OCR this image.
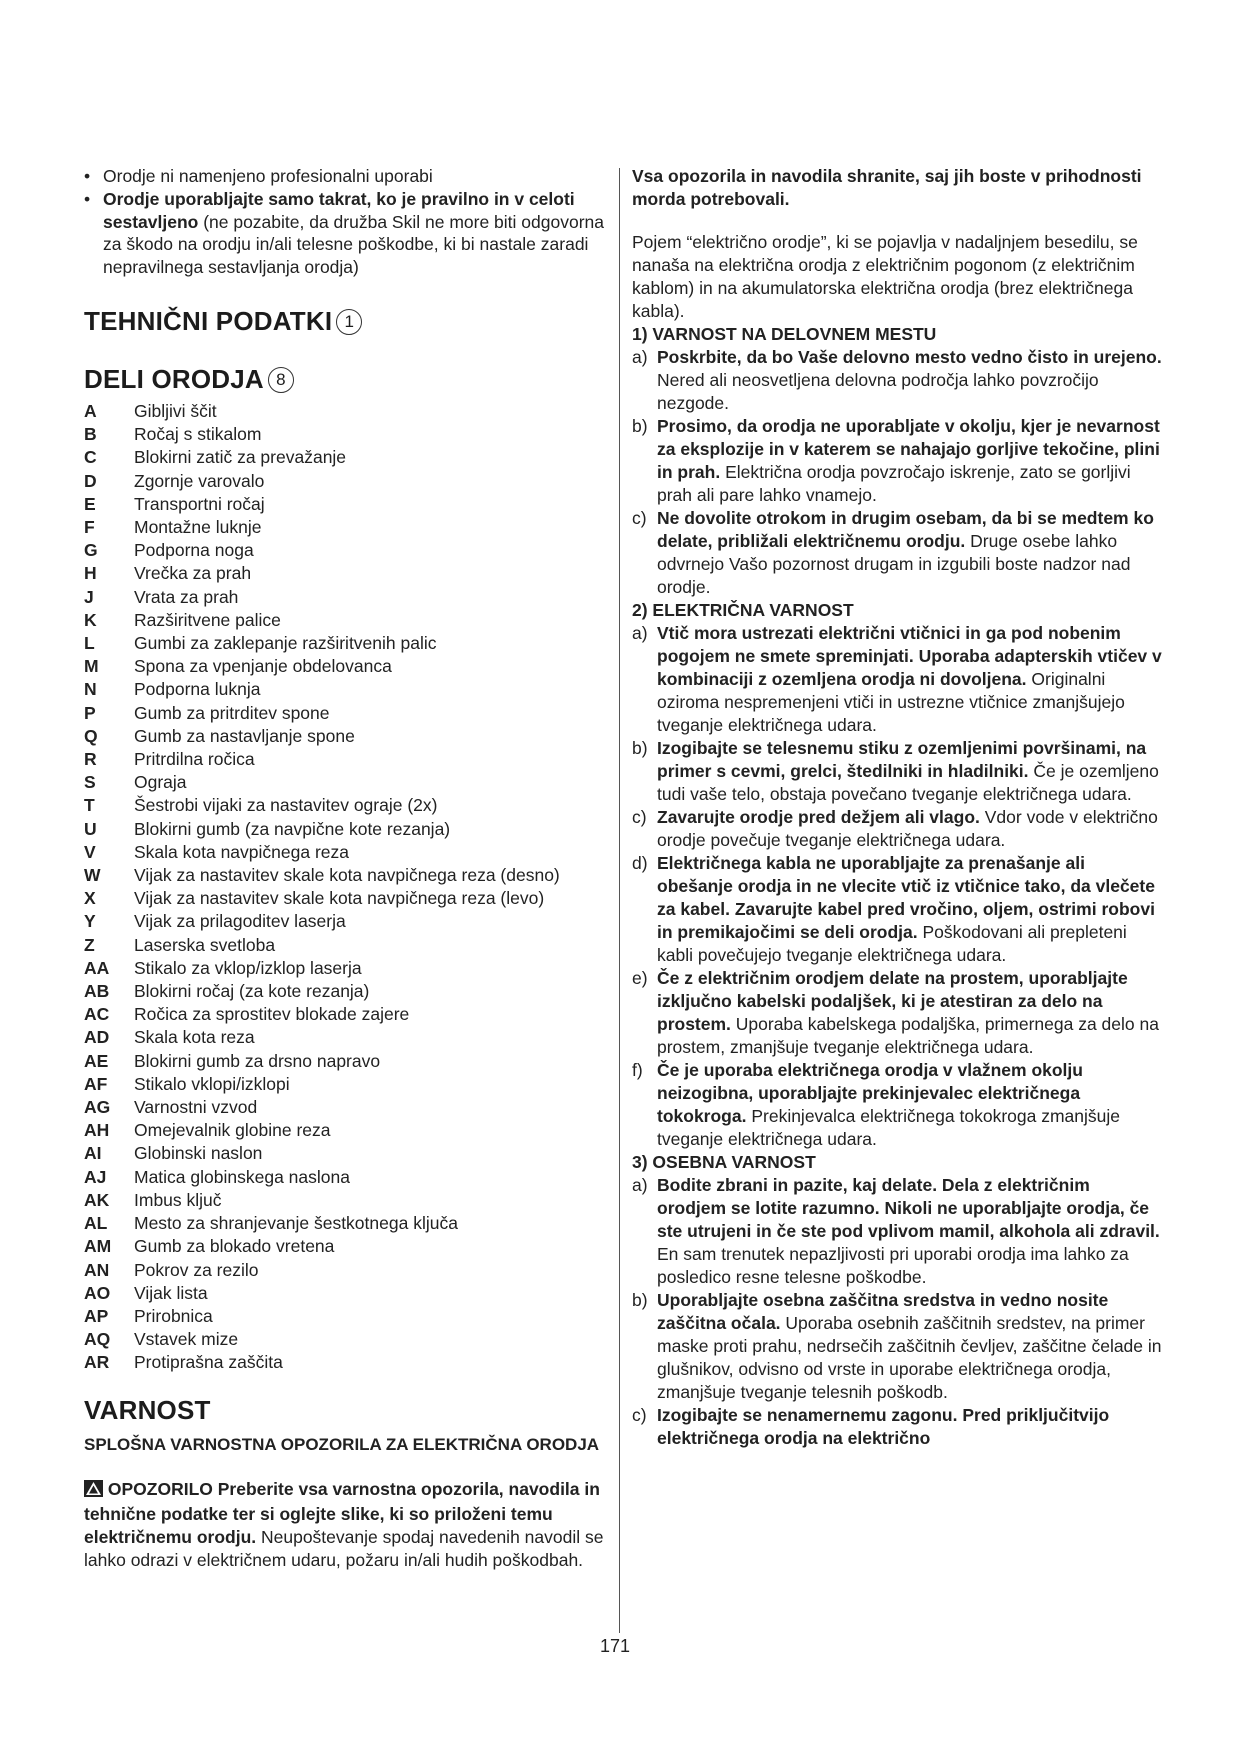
• Orodje ni namenjeno profesionalni uporabi
• Orodje uporabljajte samo takrat, ko je pravilno in v celoti sestavljeno (ne pozabite, da družba Skil ne more biti odgovorna za škodo na orodju in/ali telesne poškodbe, ki bi nastale zaradi nepravilnega sestavljanja orodja)
TEHNIČNI PODATKI 1
DELI ORODJA 8
A	Gibljivi ščit
B	Ročaj s stikalom
C	Blokirni zatič za prevažanje
D	Zgornje varovalo
E	Transportni ročaj
F	Montažne luknje
G	Podporna noga
H	Vrečka za prah
J	Vrata za prah
K	Razširitvene palice
L	Gumbi za zaklepanje razširitvenih palic
M	Spona za vpenjanje obdelovanca
N	Podporna luknja
P	Gumb za pritrditev spone
Q	Gumb za nastavljanje spone
R	Pritrdilna ročica
S	Ograja
T	Šestrobi vijaki za nastavitev ograje (2x)
U	Blokirni gumb (za navpične kote rezanja)
V	Skala kota navpičnega reza
W	Vijak za nastavitev skale kota navpičnega reza (desno)
X	Vijak za nastavitev skale kota navpičnega reza (levo)
Y	Vijak za prilagoditev laserja
Z	Laserska svetloba
AA	Stikalo za vklop/izklop laserja
AB	Blokirni ročaj (za kote rezanja)
AC	Ročica za sprostitev blokade zajere
AD	Skala kota reza
AE	Blokirni gumb za drsno napravo
AF	Stikalo vklopi/izklopi
AG	Varnostni vzvod
AH	Omejevalnik globine reza
AI	Globinski naslon
AJ	Matica globinskega naslona
AK	Imbus ključ
AL	Mesto za shranjevanje šestkotnega ključa
AM	Gumb za blokado vretena
AN	Pokrov za rezilo
AO	Vijak lista
AP	Prirobnica
AQ	Vstavek mize
AR	Protiprašna zaščita
VARNOST
SPLOŠNA VARNOSTNA OPOZORILA ZA ELEKTRIČNA ORODJA
OPOZORILO Preberite vsa varnostna opozorila, navodila in tehnične podatke ter si oglejte slike, ki so priloženi temu električnemu orodju. Neupoštevanje spodaj navedenih navodil se lahko odrazi v električnem udaru, požaru in/ali hudih poškodbah.
Vsa opozorila in navodila shranite, saj jih boste v prihodnosti morda potrebovali.
Pojem “električno orodje”, ki se pojavlja v nadaljnjem besedilu, se nanaša na električna orodja z električnim pogonom (z električnim kablom) in na akumulatorska električna orodja (brez električnega kabla).
1) VARNOST NA DELOVNEM MESTU
a) Poskrbite, da bo Vaše delovno mesto vedno čisto in urejeno. Nered ali neosvetljena delovna področja lahko povzročijo nezgode.
b) Prosimo, da orodja ne uporabljate v okolju, kjer je nevarnost za eksplozije in v katerem se nahajajo gorljive tekočine, plini in prah. Električna orodja povzročajo iskrenje, zato se gorljivi prah ali pare lahko vnamejo.
c) Ne dovolite otrokom in drugim osebam, da bi se medtem ko delate, približali električnemu orodju. Druge osebe lahko odvrnejo Vašo pozornost drugam in izgubili boste nadzor nad orodje.
2) ELEKTRIČNA VARNOST
a) Vtič mora ustrezati električni vtičnici in ga pod nobenim pogojem ne smete spreminjati. Uporaba adapterskih vtičev v kombinaciji z ozemljena orodja ni dovoljena. Originalni oziroma nespremenjeni vtiči in ustrezne vtičnice zmanjšujejo tveganje električnega udara.
b) Izogibajte se telesnemu stiku z ozemljenimi površinami, na primer s cevmi, grelci, štedilniki in hladilniki. Če je ozemljeno tudi vaše telo, obstaja povečano tveganje električnega udara.
c) Zavarujte orodje pred dežjem ali vlago. Vdor vode v električno orodje povečuje tveganje električnega udara.
d) Električnega kabla ne uporabljajte za prenašanje ali obešanje orodja in ne vlecite vtič iz vtičnice tako, da vlečete za kabel. Zavarujte kabel pred vročino, oljem, ostrimi robovi in premikajočimi se deli orodja. Poškodovani ali prepleteni kabli povečujejo tveganje električnega udara.
e) Če z električnim orodjem delate na prostem, uporabljajte izključno kabelski podaljšek, ki je atestiran za delo na prostem. Uporaba kabelskega podaljška, primernega za delo na prostem, zmanjšuje tveganje električnega udara.
f) Če je uporaba električnega orodja v vlažnem okolju neizogibna, uporabljajte prekinjevalec električnega tokokroga. Prekinjevalca električnega tokokroga zmanjšuje tveganje električnega udara.
3) OSEBNA VARNOST
a) Bodite zbrani in pazite, kaj delate. Dela z električnim orodjem se lotite razumno. Nikoli ne uporabljajte orodja, če ste utrujeni in če ste pod vplivom mamil, alkohola ali zdravil. En sam trenutek nepazljivosti pri uporabi orodja ima lahko za posledico resne telesne poškodbe.
b) Uporabljajte osebna zaščitna sredstva in vedno nosite zaščitna očala. Uporaba osebnih zaščitnih sredstev, na primer maske proti prahu, nedrsečih zaščitnih čevljev, zaščitne čelade in glušnikov, odvisno od vrste in uporabe električnega orodja, zmanjšuje tveganje telesnih poškodb.
c) Izogibajte se nenamernemu zagonu. Pred priključitvijo električnega orodja na električno
171
